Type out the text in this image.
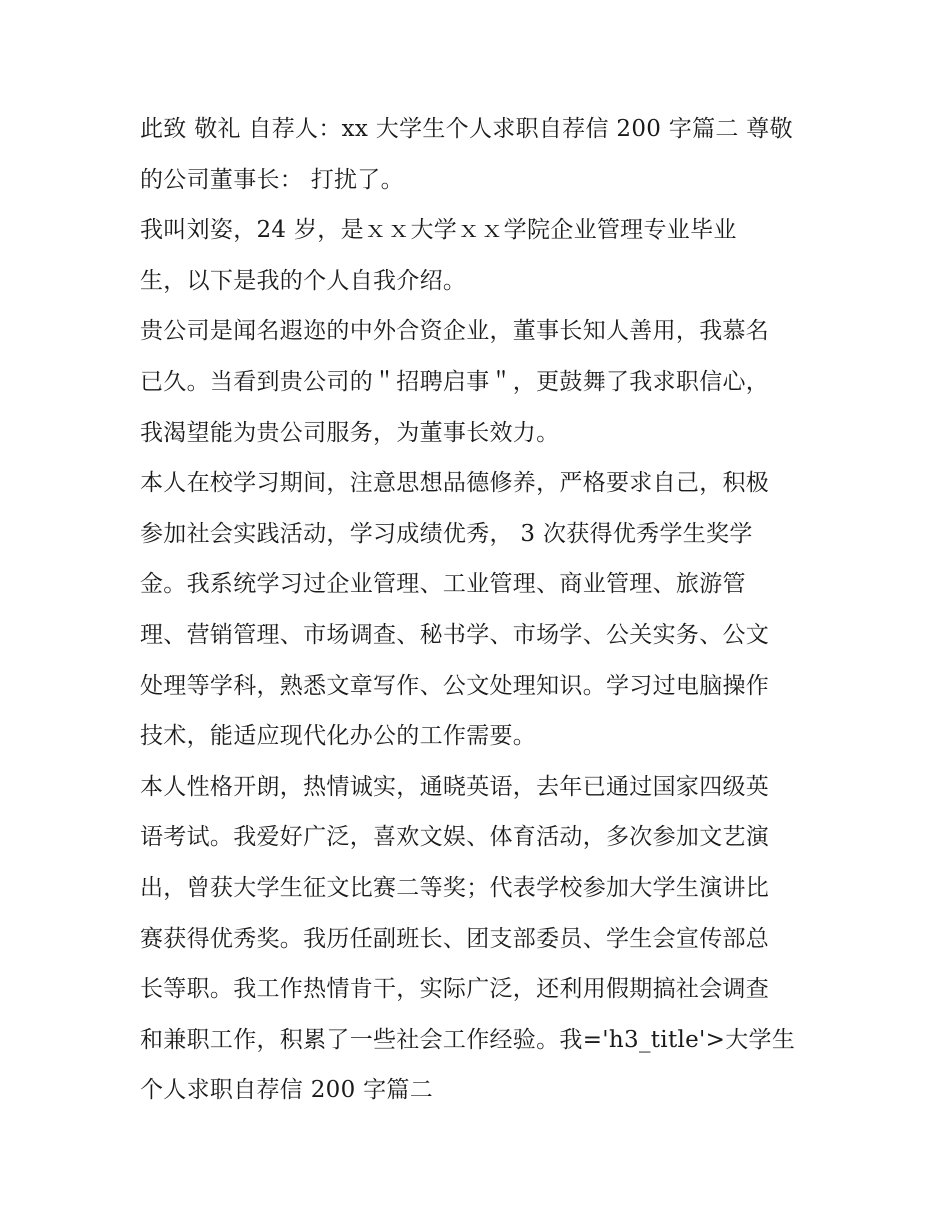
此致 敬礼 自荐人：xx 大学生个人求职自荐信 200 字篇二 尊敬
的公司董事长： 打扰了。
我叫刘姿，24 岁，是ｘｘ大学ｘｘ学院企业管理专业毕业
生，以下是我的个人自我介绍。
贵公司是闻名遐迩的中外合资企业，董事长知人善用，我慕名
已久。当看到贵公司的＂招聘启事＂，更鼓舞了我求职信心，
我渴望能为贵公司服务，为董事长效力。
本人在校学习期间，注意思想品德修养，严格要求自己，积极
参加社会实践活动，学习成绩优秀， 3 次获得优秀学生奖学
金。我系统学习过企业管理、工业管理、商业管理、旅游管
理、营销管理、市场调查、秘书学、市场学、公关实务、公文
处理等学科，熟悉文章写作、公文处理知识。学习过电脑操作
技术，能适应现代化办公的工作需要。
本人性格开朗，热情诚实，通晓英语，去年已通过国家四级英
语考试。我爱好广泛，喜欢文娱、体育活动，多次参加文艺演
出，曾获大学生征文比赛二等奖；代表学校参加大学生演讲比
赛获得优秀奖。我历任副班长、团支部委员、学生会宣传部总
长等职。我工作热情肯干，实际广泛，还利用假期搞社会调查
和兼职工作，积累了一些社会工作经验。我='h3_title'>大学生
个人求职自荐信 200 字篇二
